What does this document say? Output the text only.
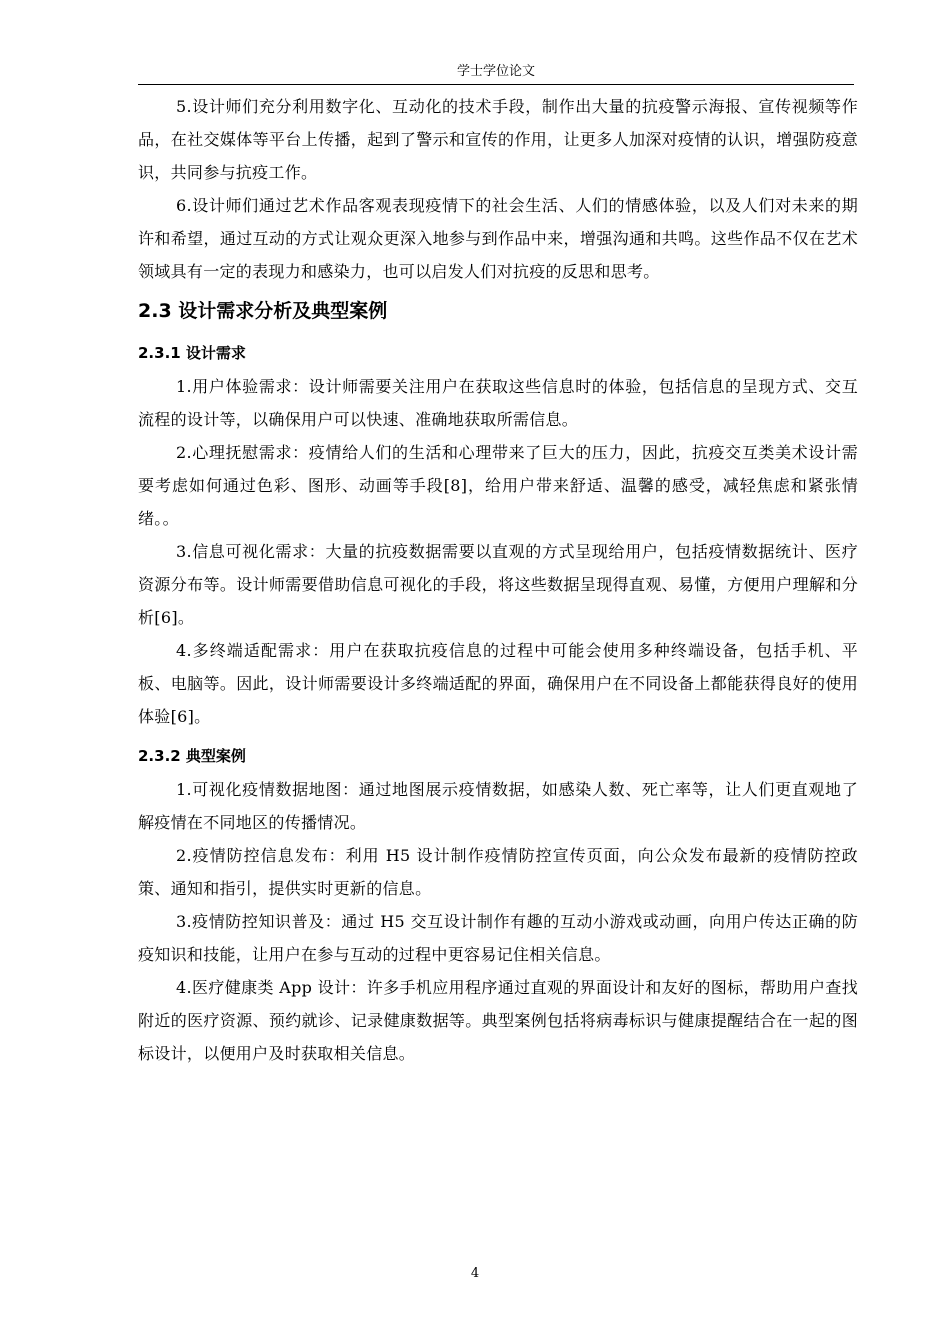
学士学位论文

5.设计师们充分利用数字化、互动化的技术手段，制作出大量的抗疫警示海报、宣传视频等作品，在社交媒体等平台上传播，起到了警示和宣传的作用，让更多人加深对疫情的认识，增强防疫意识，共同参与抗疫工作。

6.设计师们通过艺术作品客观表现疫情下的社会生活、人们的情感体验，以及人们对未来的期许和希望，通过互动的方式让观众更深入地参与到作品中来，增强沟通和共鸣。这些作品不仅在艺术领域具有一定的表现力和感染力，也可以启发人们对抗疫的反思和思考。

2.3 设计需求分析及典型案例
2.3.1 设计需求

1.用户体验需求：设计师需要关注用户在获取这些信息时的体验，包括信息的呈现方式、交互流程的设计等，以确保用户可以快速、准确地获取所需信息。

2.心理抚慰需求：疫情给人们的生活和心理带来了巨大的压力，因此，抗疫交互类美术设计需要考虑如何通过色彩、图形、动画等手段[8]，给用户带来舒适、温馨的感受，减轻焦虑和紧张情绪。。

3.信息可视化需求：大量的抗疫数据需要以直观的方式呈现给用户，包括疫情数据统计、医疗资源分布等。设计师需要借助信息可视化的手段，将这些数据呈现得直观、易懂，方便用户理解和分析[6]。

4.多终端适配需求：用户在获取抗疫信息的过程中可能会使用多种终端设备，包括手机、平板、电脑等。因此，设计师需要设计多终端适配的界面，确保用户在不同设备上都能获得良好的使用体验[6]。

2.3.2 典型案例

1.可视化疫情数据地图：通过地图展示疫情数据，如感染人数、死亡率等，让人们更直观地了解疫情在不同地区的传播情况。

2.疫情防控信息发布：利用 H5 设计制作疫情防控宣传页面，向公众发布最新的疫情防控政策、通知和指引，提供实时更新的信息。

3.疫情防控知识普及：通过 H5 交互设计制作有趣的互动小游戏或动画，向用户传达正确的防疫知识和技能，让用户在参与互动的过程中更容易记住相关信息。

4.医疗健康类 App 设计：许多手机应用程序通过直观的界面设计和友好的图标，帮助用户查找附近的医疗资源、预约就诊、记录健康数据等。典型案例包括将病毒标识与健康提醒结合在一起的图标设计，以便用户及时获取相关信息。

4
